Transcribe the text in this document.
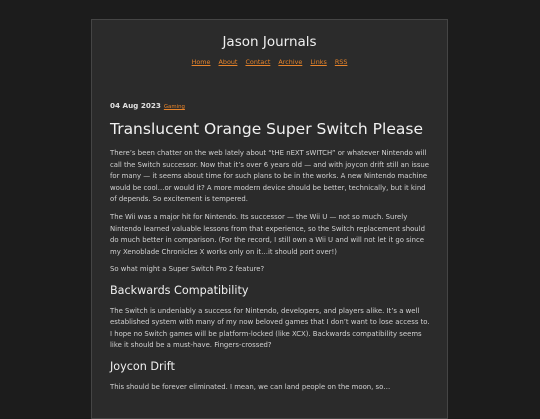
Jason Journals
Home About Contact Archive Links RSS
04 Aug 2023 Gaming
Translucent Orange Super Switch Please

There’s been chatter on the web lately about “tHE nEXT sWITCH” or whatever Nintendo will call the Switch successor. Now that it’s over 6 years old — and with joycon drift still an issue for many — it seems about time for such plans to be in the works. A new Nintendo machine would be cool…or would it? A more modern device should be better, technically, but it kind of depends. So excitement is tempered.

The Wii was a major hit for Nintendo. Its successor — the Wii U — not so much. Surely Nintendo learned valuable lessons from that experience, so the Switch replacement should do much better in comparison. (For the record, I still own a Wii U and will not let it go since my Xenoblade Chronicles X works only on it…it should port over!)

So what might a Super Switch Pro 2 feature?

Backwards Compatibility

The Switch is undeniably a success for Nintendo, developers, and players alike. It’s a well established system with many of my now beloved games that I don’t want to lose access to. I hope no Switch games will be platform-locked (like XCX). Backwards compatibility seems like it should be a must-have. Fingers-crossed?

Joycon Drift

This should be forever eliminated. I mean, we can land people on the moon, so…
